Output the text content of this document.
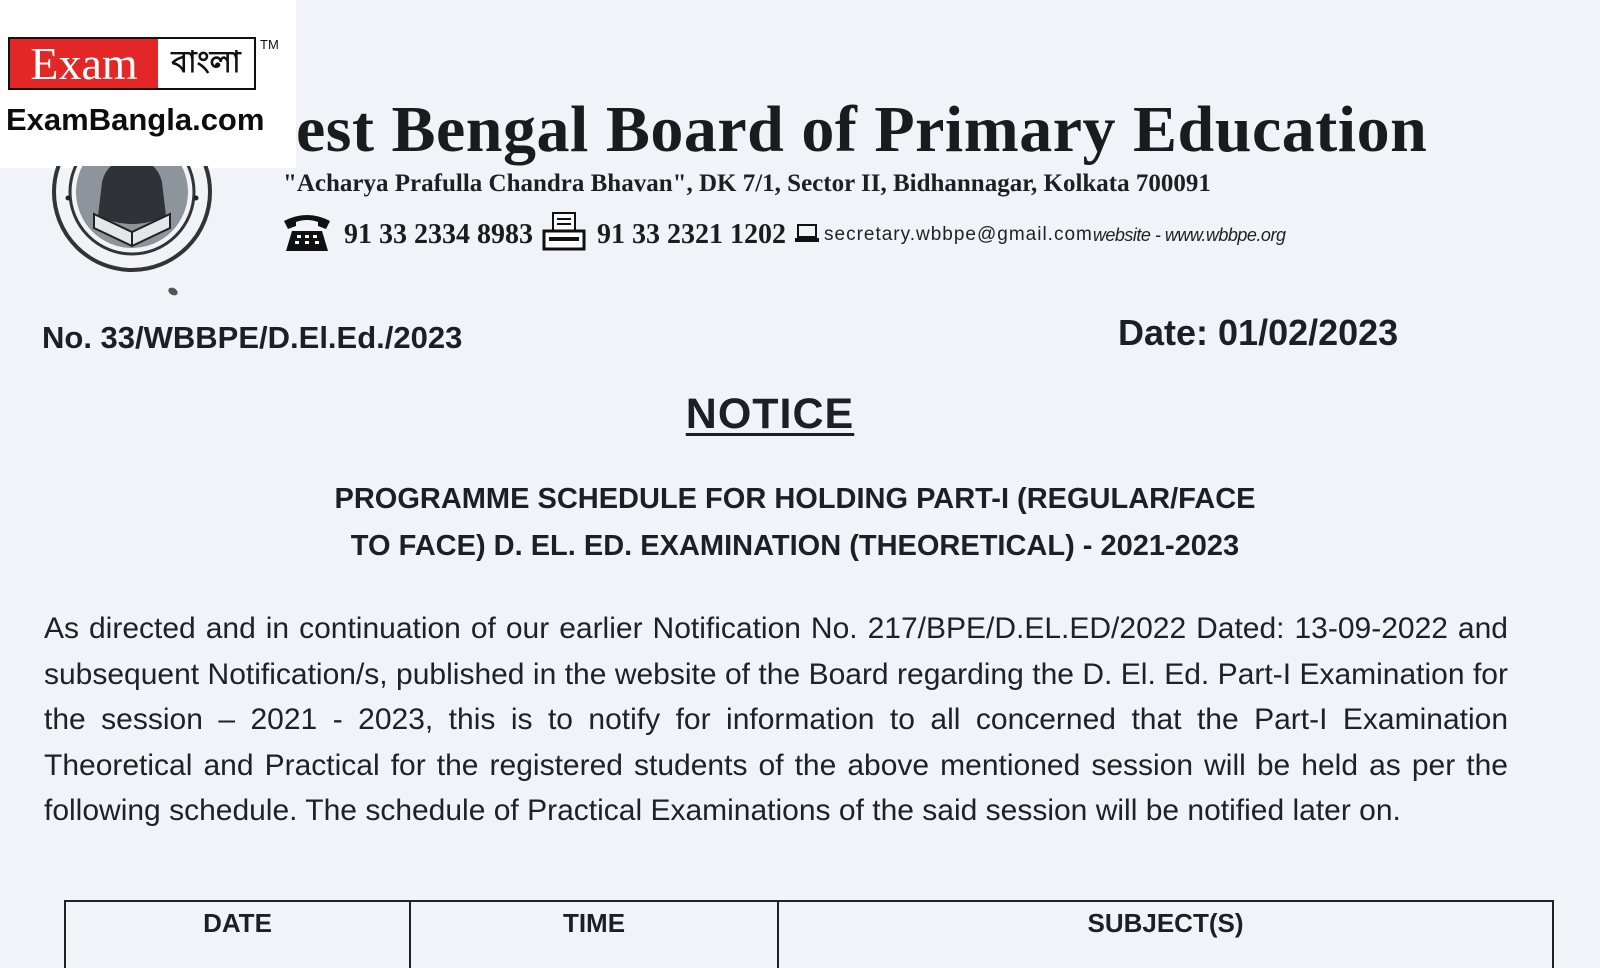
Exam	বাংলা
TM
ExamBangla.com est Bengal Board of Primary Education
"Acharya Prafulla Chandra Bhavan", DK 7/1, Sector II, Bidhannagar, Kolkata 700091
91 33 2334 8983 91 33 2321 1202 secretary.wbbpe@gmail.com website - www.wbbpe.org
No. 33/WBBPE/D.El.Ed./2023	Date: 01/02/2023
NOTICE
PROGRAMME SCHEDULE FOR HOLDING PART-I (REGULAR/FACE
TO FACE) D. EL. ED. EXAMINATION (THEORETICAL) - 2021-2023
As directed and in continuation of our earlier Notification No. 217/BPE/D.EL.ED/2022 Dated: 13-09-2022 and subsequent Notification/s, published in the website of the Board regarding the D. El. Ed. Part-I Examination for the session – 2021 - 2023, this is to notify for information to all concerned that the Part-I Examination Theoretical and Practical for the registered students of the above mentioned session will be held as per the following schedule. The schedule of Practical Examinations of the said session will be notified later on.
DATE	TIME	SUBJECT(S)
